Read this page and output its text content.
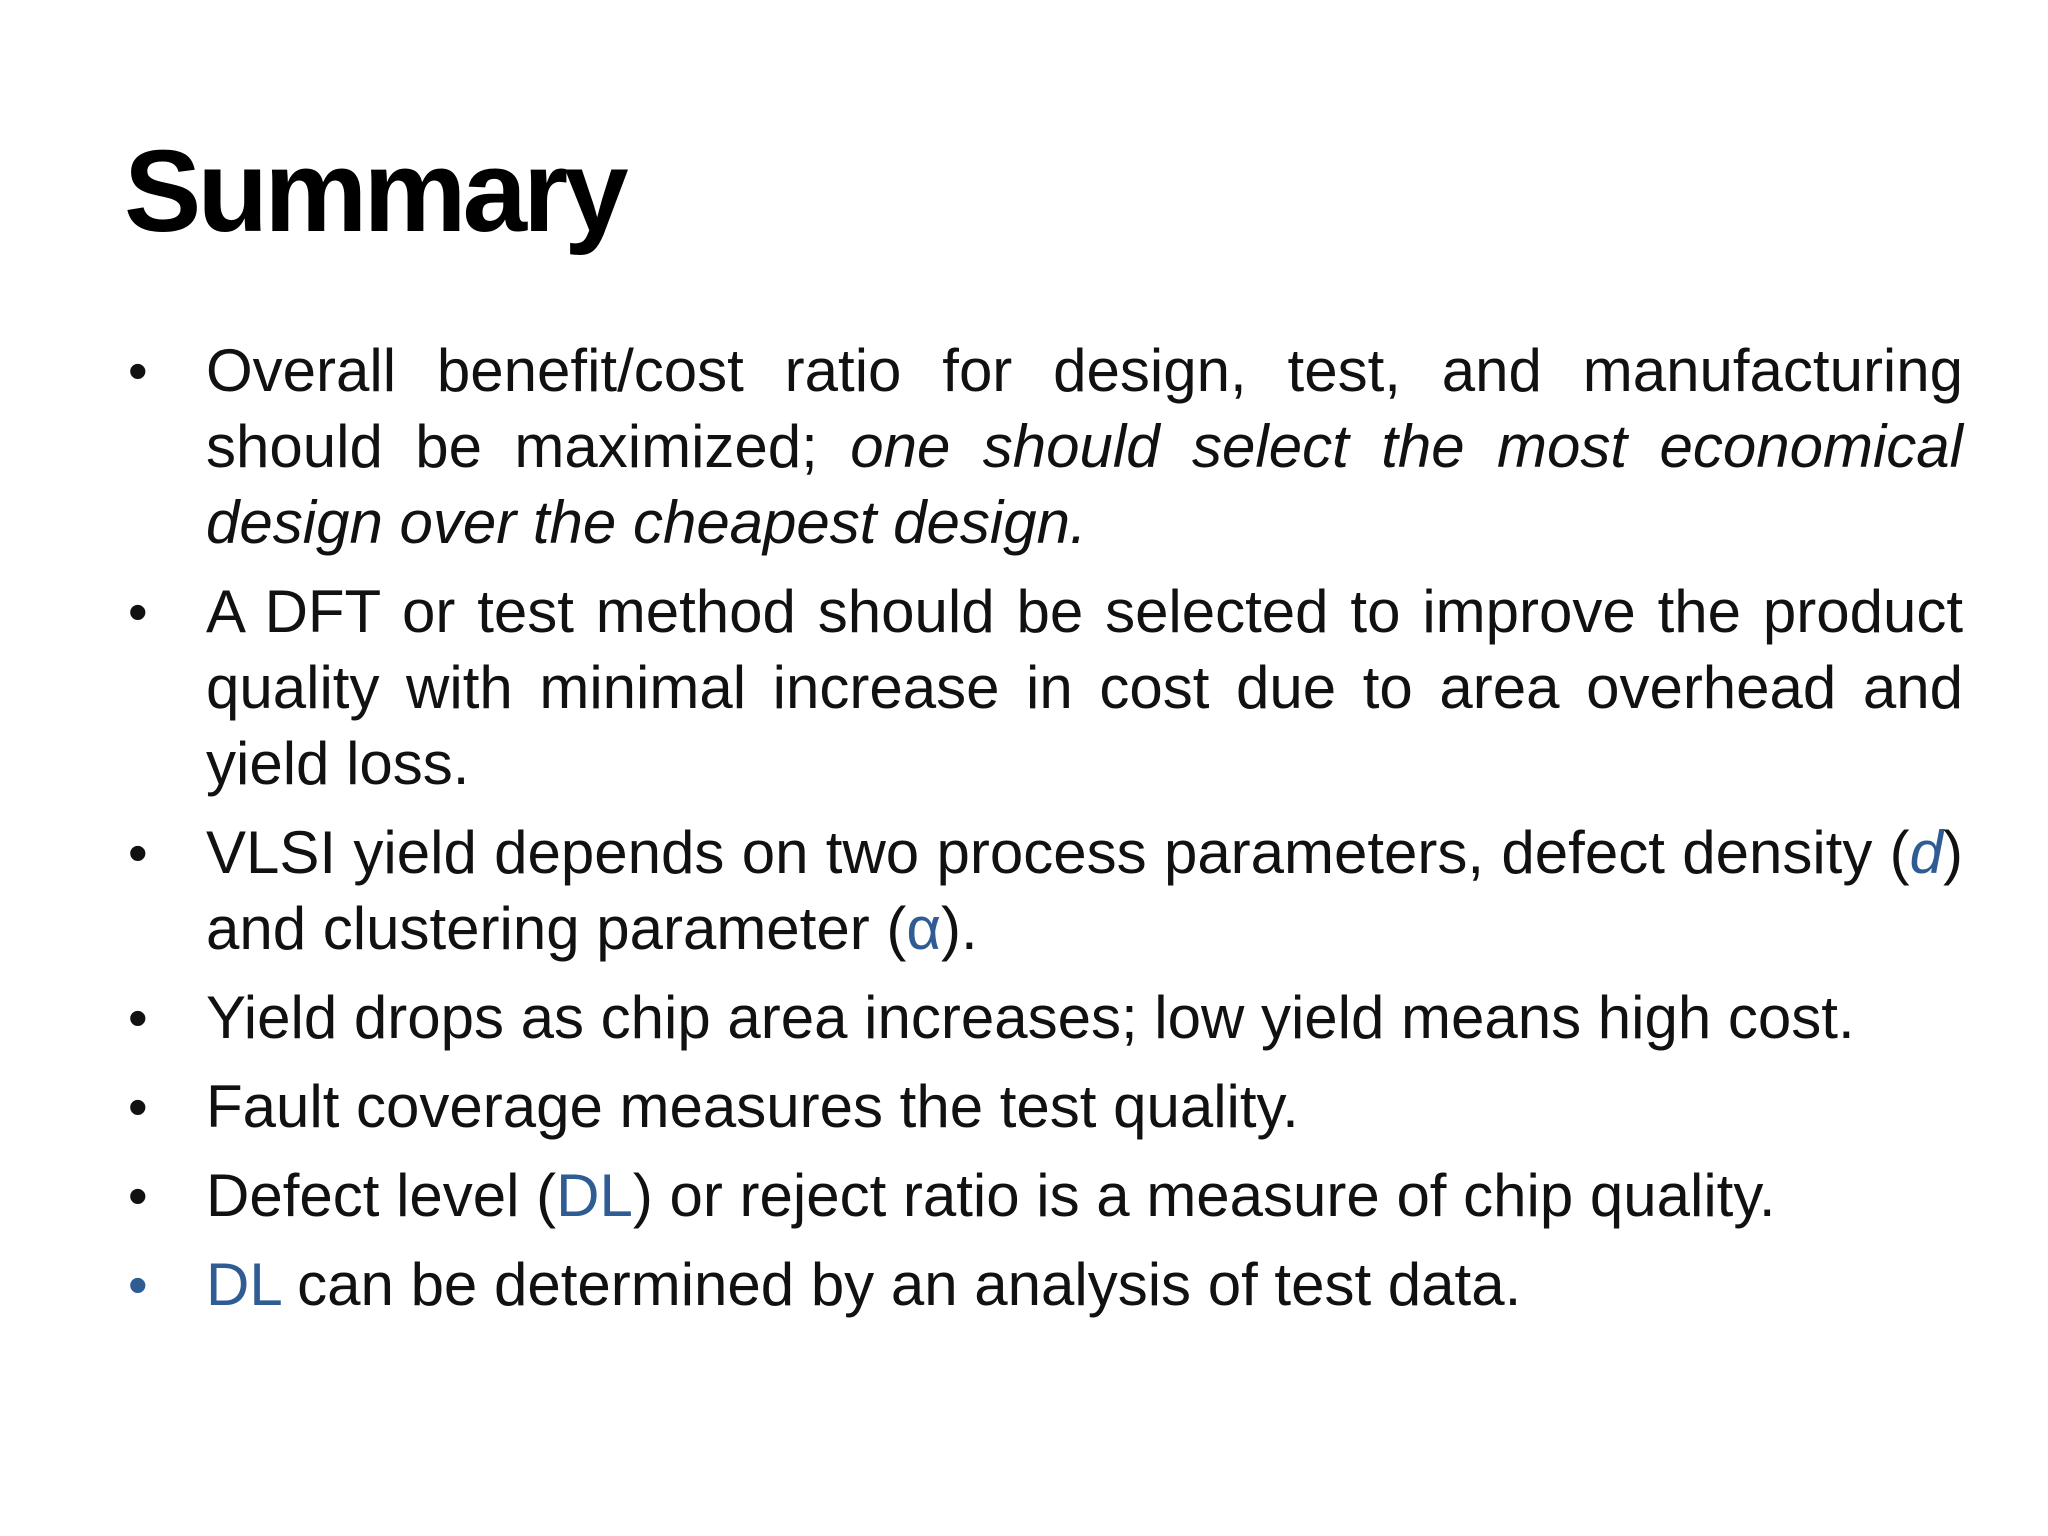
Summary
• Overall benefit/cost ratio for design, test, and manufacturing should be maximized; one should select the most economical design over the cheapest design.
• A DFT or test method should be selected to improve the product quality with minimal increase in cost due to area overhead and yield loss.
• VLSI yield depends on two process parameters, defect density (d) and clustering parameter (α).
• Yield drops as chip area increases; low yield means high cost.
• Fault coverage measures the test quality.
• Defect level (DL) or reject ratio is a measure of chip quality.
• DL can be determined by an analysis of test data.
